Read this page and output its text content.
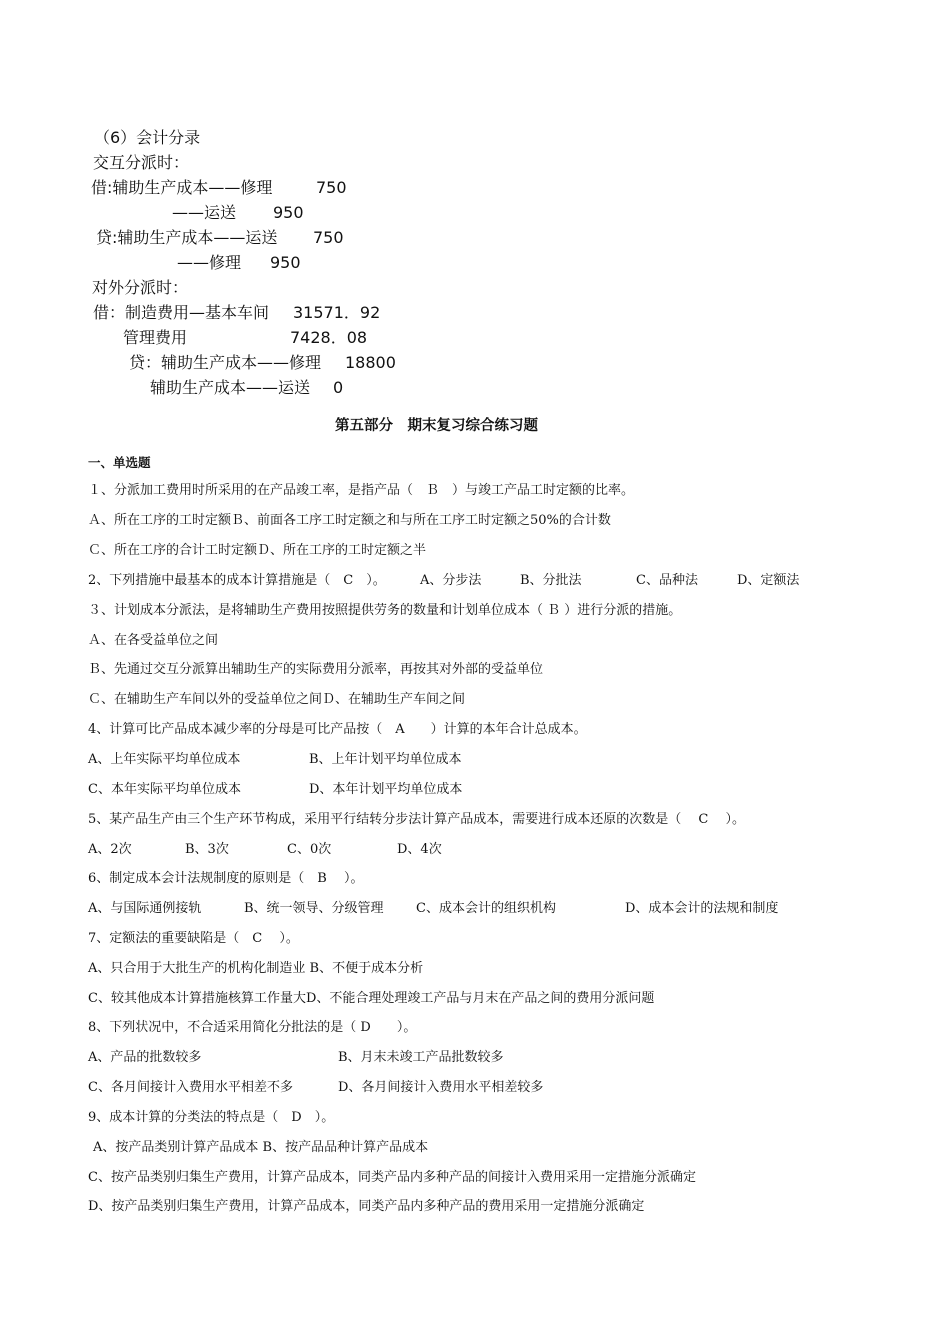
（6）会计分录
交互分派时：
借:辅助生产成本——修理	750
——运送 950
贷:辅助生产成本——运送 750
——修理 950
对外分派时：
借：制造费用—基本车间 31571．92
管理费用	7428．08
贷：辅助生产成本——修理 18800
辅助生产成本——运送 0
第五部分　期末复习综合练习题
一、单选题
１、分派加工费用时所采用的在产品竣工率，是指产品（　Ｂ　）与竣工产品工时定额的比率。
Ａ、所在工序的工时定额Ｂ、前面各工序工时定额之和与所在工序工时定额之50%的合计数
Ｃ、所在工序的合计工时定额Ｄ、所在工序的工时定额之半
2、下列措施中最基本的成本计算措施是（　C　）。	A、分步法	B、分批法	C、品种法	D、定额法
３、计划成本分派法，是将辅助生产费用按照提供劳务的数量和计划单位成本（ Ｂ ）进行分派的措施。
Ａ、在各受益单位之间
Ｂ、先通过交互分派算出辅助生产的实际费用分派率，再按其对外部的受益单位
Ｃ、在辅助生产车间以外的受益单位之间Ｄ、在辅助生产车间之间
4、计算可比产品成本减少率的分母是可比产品按（　A　　）计算的本年合计总成本。
A、上年实际平均单位成本	B、上年计划平均单位成本
C、本年实际平均单位成本	D、本年计划平均单位成本
5、某产品生产由三个生产环节构成，采用平行结转分步法计算产品成本，需要进行成本还原的次数是（　 C　 ）。
A、2次	B、3次	C、0次	D、4次
6、制定成本会计法规制度的原则是（　B　 ）。
A、与国际通例接轨	B、统一领导、分级管理 C、成本会计的组织机构	D、成本会计的法规和制度
7、定额法的重要缺陷是（　C　 ）。
A、只合用于大批生产的机构化制造业 B、不便于成本分析
C、较其他成本计算措施核算工作量大D、不能合理处理竣工产品与月末在产品之间的费用分派问题
8、下列状况中，不合适采用简化分批法的是（ D　　）。
A、产品的批数较多	B、月末未竣工产品批数较多
C、各月间接计入费用水平相差不多	D、各月间接计入费用水平相差较多
9、成本计算的分类法的特点是（　D　）。
A、按产品类别计算产品成本 B、按产品品种计算产品成本
C、按产品类别归集生产费用，计算产品成本，同类产品内多种产品的间接计入费用采用一定措施分派确定
D、按产品类别归集生产费用，计算产品成本，同类产品内多种产品的费用采用一定措施分派确定
